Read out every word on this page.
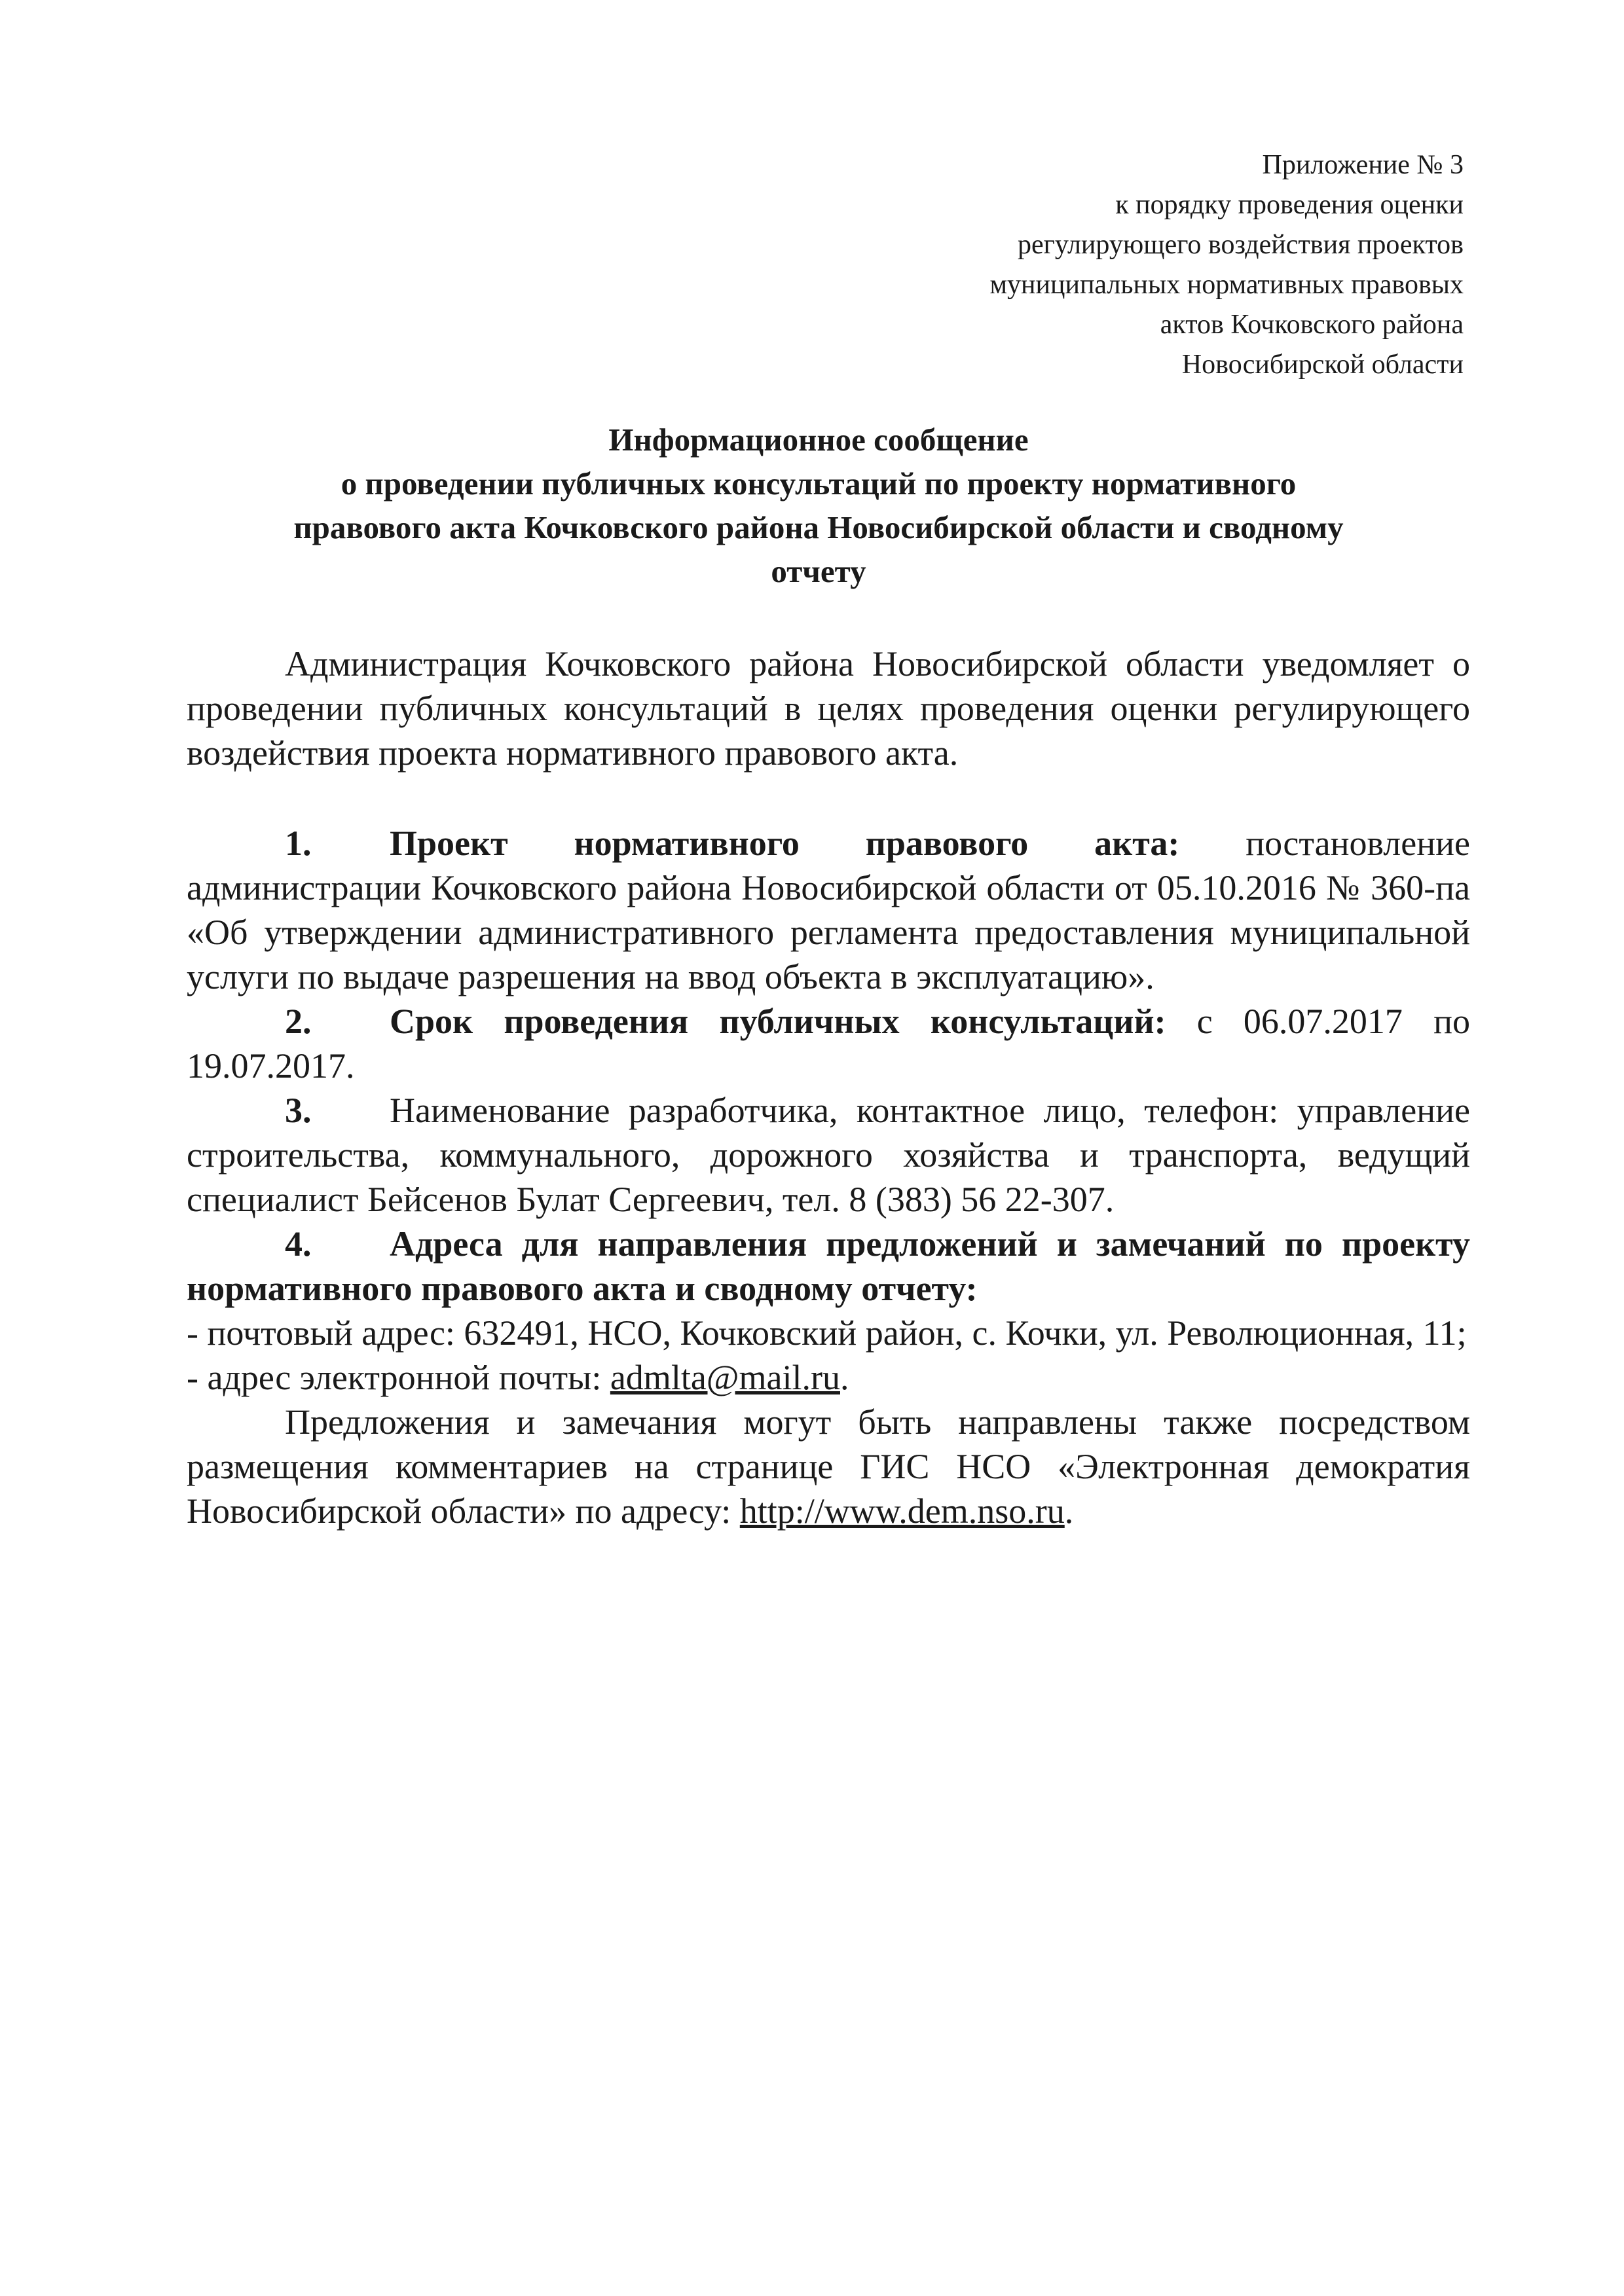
Приложение № 3
к порядку проведения оценки
регулирующего воздействия проектов
муниципальных нормативных правовых
актов Кочковского района
Новосибирской области
Информационное сообщение
о проведении публичных консультаций по проекту нормативного
правового акта Кочковского района Новосибирской области и сводному
отчету

Администрация Кочковского района Новосибирской области уведомляет о проведении публичных консультаций в целях проведения оценки регулирующего воздействия проекта нормативного правового акта.

1. Проект нормативного правового акта: постановление администрации Кочковского района Новосибирской области от 05.10.2016 № 360-па «Об утверждении административного регламента предоставления муниципальной услуги по выдаче разрешения на ввод объекта в эксплуатацию».

2. Срок проведения публичных консультаций: с 06.07.2017 по 19.07.2017.

3. Наименование разработчика, контактное лицо, телефон: управление строительства, коммунального, дорожного хозяйства и транспорта, ведущий специалист Бейсенов Булат Сергеевич, тел. 8 (383) 56 22-307.

4. Адреса для направления предложений и замечаний по проекту нормативного правового акта и сводному отчету:

- почтовый адрес: 632491, НСО, Кочковский район, с. Кочки, ул. Революционная, 11;

- адрес электронной почты: admlta@mail.ru.

Предложения и замечания могут быть направлены также посредством размещения комментариев на странице ГИС НСО «Электронная демократия Новосибирской области» по адресу: http://www.dem.nso.ru.
